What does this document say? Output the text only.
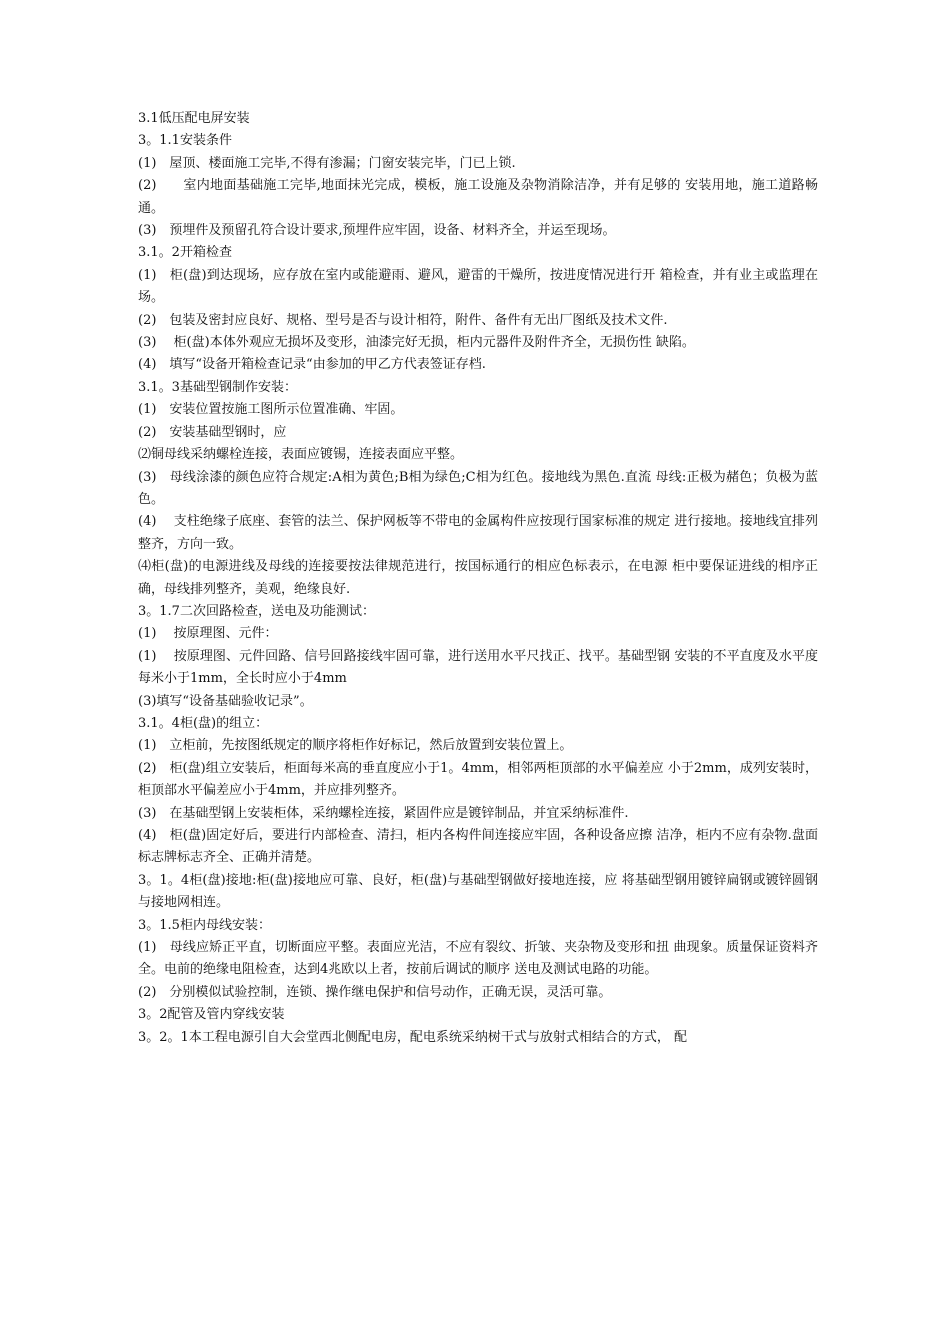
3.1低压配电屏安装

3。1.1安装条件

(1)　屋顶、楼面施工完毕,不得有渗漏；门窗安装完毕，门已上锁.

(2)　　室内地面基础施工完毕,地面抹光完成，模板，施工设施及杂物消除洁净，并有足够的 安装用地，施工道路畅通。

(3)　预埋件及预留孔符合设计要求,预埋件应牢固，设备、材料齐全，并运至现场。

3.1。2开箱检查

(1)　柜(盘)到达现场，应存放在室内或能避雨、避风，避雷的干燥所，按进度情况进行开 箱检查，并有业主或监理在场。

(2)　包装及密封应良好、规格、型号是否与设计相符，附件、备件有无出厂图纸及技术文件.

(3)　 柜(盘)本体外观应无损坏及变形，油漆完好无损，柜内元器件及附件齐全，无损伤性 缺陷。

(4)　填写“设备开箱检查记录“由参加的甲乙方代表签证存档.

3.1。3基础型钢制作安装：

(1)　安装位置按施工图所示位置准确、牢固。

(2)　安装基础型钢时，应

⑵铜母线采纳螺栓连接，表面应镀锡，连接表面应平整。

(3)　母线涂漆的颜色应符合规定:A相为黄色;B相为绿色;C相为红色。接地线为黑色.直流 母线:正极为赭色；负极为蓝色。

(4)　 支柱绝缘子底座、套管的法兰、保护网板等不带电的金属构件应按现行国家标准的规定 进行接地。接地线宜排列整齐，方向一致。

⑷柜(盘)的电源进线及母线的连接要按法律规范进行，按国标通行的相应色标表示，在电源 柜中要保证进线的相序正确，母线排列整齐，美观，绝缘良好.

3。1.7二次回路检查，送电及功能测试：

(1)　 按原理图、元件：

(1)　 按原理图、元件回路、信号回路接线牢固可靠，进行送用水平尺找正、找平。基础型钢 安装的不平直度及水平度每米小于1mm，全长时应小于4mm

(3)填写“设备基础验收记录”。

3.1。4柜(盘)的组立：

(1)　立柜前，先按图纸规定的顺序将柜作好标记，然后放置到安装位置上。

(2)　柜(盘)组立安装后，柜面每米高的垂直度应小于1。4mm，相邻两柜顶部的水平偏差应 小于2mm，成列安装时，柜顶部水平偏差应小于4mm，并应排列整齐。

(3)　在基础型钢上安装柜体，采纳螺栓连接，紧固件应是镀锌制品，并宜采纳标准件.

(4)　柜(盘)固定好后，要进行内部检查、清扫，柜内各构件间连接应牢固，各种设备应擦 洁净，柜内不应有杂物.盘面标志牌标志齐全、正确并清楚。

3。1。4柜(盘)接地:柜(盘)接地应可靠、良好，柜(盘)与基础型钢做好接地连接，应 将基础型钢用镀锌扁钢或镀锌圆钢与接地网相连。

3。1.5柜内母线安装：

(1)　母线应矫正平直，切断面应平整。表面应光洁，不应有裂纹、折皱、夹杂物及变形和扭 曲现象。质量保证资料齐全。电前的绝缘电阻检查，达到4兆欧以上者，按前后调试的顺序 送电及测试电路的功能。

(2)　分别模似试验控制，连锁、操作继电保护和信号动作，正确无误，灵活可靠。

3。2配管及管内穿线安装

3。2。1本工程电源引自大会堂西北侧配电房，配电系统采纳树干式与放射式相结合的方式， 配
